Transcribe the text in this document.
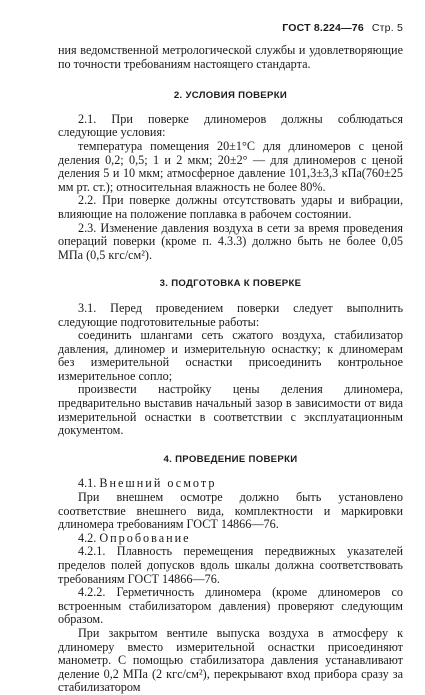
ГОСТ 8.224—76 Стр. 5

ния ведомственной метрологической службы и удовлетворяющие по точности требованиям настоящего стандарта.

2. УСЛОВИЯ ПОВЕРКИ

2.1. При поверке длиномеров должны соблюдаться следующие условия:

температура помещения 20±1°С для длиномеров с ценой деления 0,2; 0,5; 1 и 2 мкм; 20±2° — для длиномеров с ценой деления 5 и 10 мкм; атмосферное давление 101,3±3,3 кПа(760±25 мм рт. ст.); относительная влажность не более 80%.

2.2. При поверке должны отсутствовать удары и вибрации, влияющие на положение поплавка в рабочем состоянии.

2.3. Изменение давления воздуха в сети за время проведения операций поверки (кроме п. 4.3.3) должно быть не более 0,05 МПа (0,5 кгс/см²).

3. ПОДГОТОВКА К ПОВЕРКЕ

3.1. Перед проведением поверки следует выполнить следующие подготовительные работы:

соединить шлангами сеть сжатого воздуха, стабилизатор давления, длиномер и измерительную оснастку; к длиномерам без измерительной оснастки присоединить контрольное измерительное сопло;

произвести настройку цены деления длиномера, предварительно выставив начальный зазор в зависимости от вида измерительной оснастки в соответствии с эксплуатационным документом.

4. ПРОВЕДЕНИЕ ПОВЕРКИ

4.1. Внешний осмотр

При внешнем осмотре должно быть установлено соответствие внешнего вида, комплектности и маркировки длиномера требованиям ГОСТ 14866—76.

4.2. Опробование

4.2.1. Плавность перемещения передвижных указателей пределов полей допусков вдоль шкалы должна соответствовать требованиям ГОСТ 14866—76.

4.2.2. Герметичность длиномера (кроме длиномеров со встроенным стабилизатором давления) проверяют следующим образом.

При закрытом вентиле выпуска воздуха в атмосферу к длиномеру вместо измерительной оснастки присоединяют манометр. С помощью стабилизатора давления устанавливают деление 0,2 МПа (2 кгс/см²), перекрывают вход прибора сразу за стабилизатором
